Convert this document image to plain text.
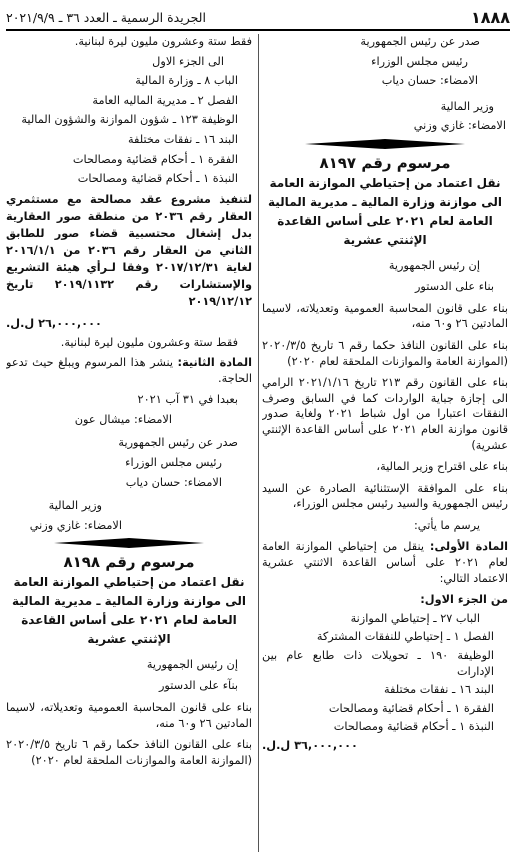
١٨٨٨
الجريدة الرسمية ـ العدد ٣٦ ـ ٢٠٢١/٩/٩

صدر عن رئيس الجمهورية

رئيس مجلس الوزراء

الامضاء: حسان دياب

وزير المالية

الامضاء: غازي وزني

مرسوم رقم ٨١٩٧
نقل اعتماد من إحتياطي الموازنة العامة الى موازنة وزارة المالية ـ مديرية المالية العامة لعام ٢٠٢١ على أساس القاعدة الإثنتي عشرية

إن رئيس الجمهورية

بناء على الدستور

بناء على قانون المحاسبة العمومية وتعديلاته، لاسيما المادتين ٢٦ و٦٠ منه،

بناء على القانون النافذ حكما رقم ٦ تاريخ ٢٠٢٠/٣/٥ (الموازنة العامة والموازنات الملحقة لعام ٢٠٢٠)

بناء على القانون رقم ٢١٣ تاريخ ٢٠٢١/١/١٦ الرامي الى إجازة جباية الواردات كما في السابق وصرف النفقات اعتبارا من اول شباط ٢٠٢١ ولغاية صدور قانون موازنة العام ٢٠٢١ على أساس القاعدة الإثنتي عشرية)

بناء على اقتراح وزير المالية،

بناء على الموافقة الإستثنائية الصادرة عن السيد رئيس الجمهورية والسيد رئيس مجلس الوزراء،

يرسم ما يأتي:

المادة الأولى: ينقل من إحتياطي الموازنة العامة لعام ٢٠٢١ على أساس القاعدة الاثنتي عشرية الاعتماد التالي:

من الجزء الاول:

الباب ٢٧ ـ إحتياطي الموازنة

الفصل ١ ـ إحتياطي للنفقات المشتركة

الوظيفة ١٩٠ ـ تحويلات ذات طابع عام بين الإدارات

البند ١٦ ـ نفقات مختلفة

الفقرة ١ ـ أحكام قضائية ومصالحات

النبذة ١ ـ أحكام قضائية ومصالحات

٣٦,٠٠٠,٠٠٠ ل.ل.

فقط ستة وعشرون مليون ليرة لبنانية.

الى الجزء الاول

الباب ٨ ـ وزارة المالية

الفصل ٢ ـ مديرية الماليه العامة

الوظيفة ١٢٣ ـ شؤون الموازنة والشؤون المالية

البند ١٦ ـ نفقات مختلفة

الفقرة ١ ـ أحكام قضائية ومصالحات

النبذة ١ ـ أحكام قضائية ومصالحات

لتنفيذ مشروع عقد مصالحة مع مستثمري العقار رقم ٢٠٣٦ من منطقة صور العقارية بدل إشغال محتسبية قضاء صور للطابق الثاني من العقار رقم ٢٠٣٦ من ٢٠١٦/١/١ لغاية ٢٠١٧/١٢/٣١ وفقا لـرأي هيئة التشريع والإستشارات رقم ٢٠١٩/١١٣٢ تاريخ ٢٠١٩/١٢/١٢

٢٦,٠٠٠,٠٠٠ ل.ل.

فقط ستة وعشرون مليون ليرة لبنانية.

المادة الثانية: ينشر هذا المرسوم ويبلغ حيث تدعو الحاجة.

بعبدا في ٣١ آب ٢٠٢١

الامضاء: ميشال عون

صدر عن رئيس الجمهورية

رئيس مجلس الوزراء

الامضاء: حسان دياب

وزير المالية

الامضاء: غازي وزني

مرسوم رقم ٨١٩٨
نقل اعتماد من إحتياطي الموازنة العامة الى موازنة وزارة المالية ـ مديرية المالية العامة لعام ٢٠٢١ على أساس القاعدة الإثنتي عشرية

إن رئيس الجمهورية

بنآء على الدستور

بناء على قانون المحاسبة العمومية وتعديلاته، لاسيما المادتين ٢٦ و٦٠ منه،

بناء على القانون النافذ حكما رقم ٦ تاريخ ٢٠٢٠/٣/٥ (الموازنة العامة والموازنات الملحقة لعام ٢٠٢٠)
